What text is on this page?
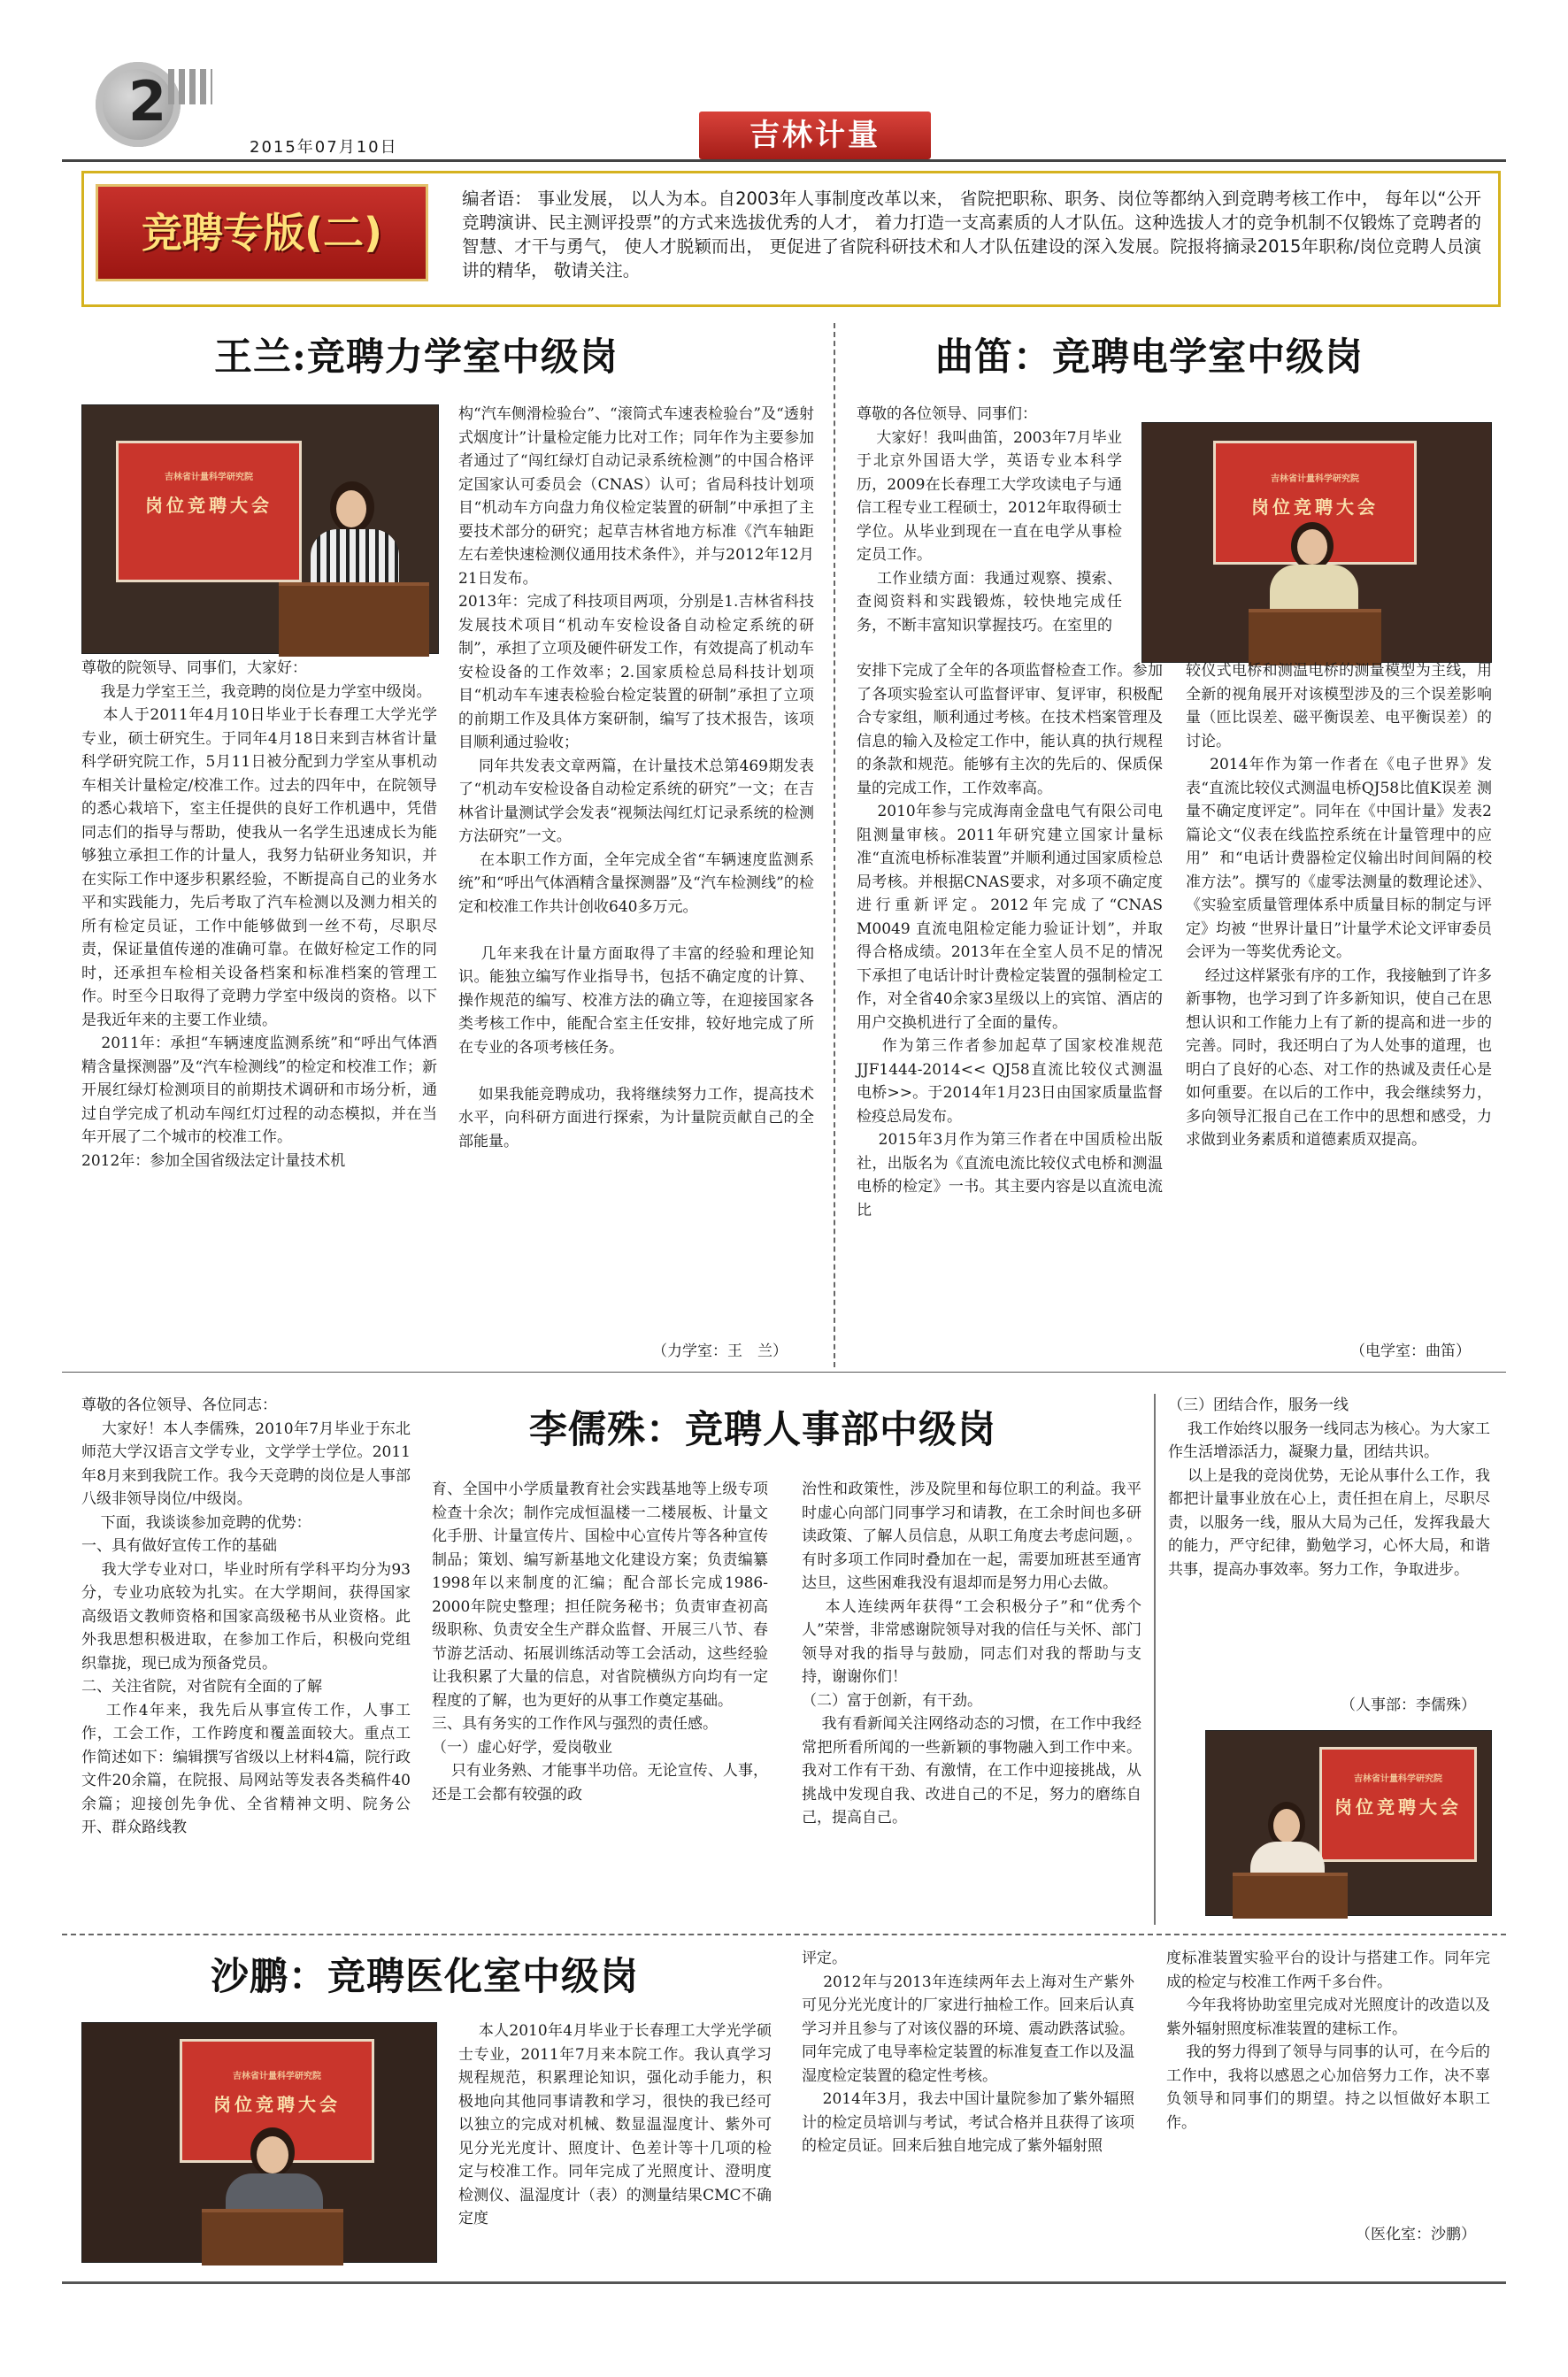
2
2015年07月10日	吉林计量
竞聘专版(二)
编者语： 事业发展， 以人为本。自2003年人事制度改革以来， 省院把职称、职务、岗位等都纳入到竞聘考核工作中， 每年以“公开竞聘演讲、民主测评投票”的方式来选拔优秀的人才， 着力打造一支高素质的人才队伍。这种选拔人才的竞争机制不仅锻炼了竞聘者的智慧、才干与勇气， 使人才脱颖而出， 更促进了省院科研技术和人才队伍建设的深入发展。院报将摘录2015年职称/岗位竞聘人员演讲的精华， 敬请关注。
王兰:竞聘力学室中级岗
吉林省计量科学研究院
岗位竞聘大会
尊敬的院领导、同事们，大家好：
我是力学室王兰，我竞聘的岗位是力学室中级岗。
本人于2011年4月10日毕业于长春理工大学光学专业，硕士研究生。于同年4月18日来到吉林省计量科学研究院工作，5月11日被分配到力学室从事机动车相关计量检定/校准工作。过去的四年中，在院领导的悉心栽培下，室主任提供的良好工作机遇中，凭借同志们的指导与帮助，使我从一名学生迅速成长为能够独立承担工作的计量人，我努力钻研业务知识，并在实际工作中逐步积累经验，不断提高自己的业务水平和实践能力，先后考取了汽车检测以及测力相关的所有检定员证，工作中能够做到一丝不苟，尽职尽责，保证量值传递的准确可靠。在做好检定工作的同时，还承担车检相关设备档案和标准档案的管理工作。时至今日取得了竞聘力学室中级岗的资格。以下是我近年来的主要工作业绩。
2011年：承担“车辆速度监测系统”和“呼出气体酒精含量探测器”及“汽车检测线”的检定和校准工作；新开展红绿灯检测项目的前期技术调研和市场分析，通过自学完成了机动车闯红灯过程的动态模拟，并在当年开展了二个城市的校准工作。
2012年：参加全国省级法定计量技术机
构“汽车侧滑检验台”、“滚筒式车速表检验台”及“透射式烟度计”计量检定能力比对工作；同年作为主要参加者通过了“闯红绿灯自动记录系统检测”的中国合格评定国家认可委员会（CNAS）认可；省局科技计划项目“机动车方向盘力角仪检定装置的研制”中承担了主要技术部分的研究；起草吉林省地方标准《汽车轴距左右差快速检测仪通用技术条件》，并与2012年12月21日发布。
2013年：完成了科技项目两项，分别是1.吉林省科技发展技术项目“机动车安检设备自动检定系统的研制”，承担了立项及硬件研发工作，有效提高了机动车安检设备的工作效率；2.国家质检总局科技计划项目“机动车车速表检验台检定装置的研制”承担了立项的前期工作及具体方案研制，编写了技术报告，该项目顺利通过验收；
同年共发表文章两篇，在计量技术总第469期发表了“机动车安检设备自动检定系统的研究”一文；在吉林省计量测试学会发表“视频法闯红灯记录系统的检测方法研究”一文。
在本职工作方面，全年完成全省“车辆速度监测系统”和“呼出气体酒精含量探测器”及“汽车检测线”的检定和校准工作共计创收640多万元。

几年来我在计量方面取得了丰富的经验和理论知识。能独立编写作业指导书，包括不确定度的计算、操作规范的编写、校准方法的确立等，在迎接国家各类考核工作中，能配合室主任安排，较好地完成了所在专业的各项考核任务。

如果我能竞聘成功，我将继续努力工作，提高技术水平，向科研方面进行探索，为计量院贡献自己的全部能量。
（力学室：王　兰）
曲笛：竞聘电学室中级岗
尊敬的各位领导、同事们：
大家好！我叫曲笛，2003年7月毕业于北京外国语大学，英语专业本科学历，2009在长春理工大学攻读电子与通信工程专业工程硕士，2012年取得硕士学位。从毕业到现在一直在电学从事检定员工作。
工作业绩方面：我通过观察、摸索、查阅资料和实践锻炼，较快地完成任务，不断丰富知识掌握技巧。在室里的
吉林省计量科学研究院
岗位竞聘大会
安排下完成了全年的各项监督检查工作。参加了各项实验室认可监督评审、复评审，积极配合专家组，顺利通过考核。在技术档案管理及信息的输入及检定工作中，能认真的执行规程的条款和规范。能够有主次的先后的、保质保量的完成工作，工作效率高。
2010年参与完成海南金盘电气有限公司电阻测量审核。2011年研究建立国家计量标准“直流电桥标准装置”并顺利通过国家质检总局考核。并根据CNAS要求，对多项不确定度进行重新评定。2012年完成了“CNAS M0049 直流电阻检定能力验证计划”，并取得合格成绩。2013年在全室人员不足的情况下承担了电话计时计费检定装置的强制检定工作，对全省40余家3星级以上的宾馆、酒店的用户交换机进行了全面的量传。
作为第三作者参加起草了国家校准规范JJF1444-2014<< QJ58直流比较仪式测温电桥>>。于2014年1月23日由国家质量监督检疫总局发布。
2015年3月作为第三作者在中国质检出版社，出版名为《直流电流比较仪式电桥和测温电桥的检定》一书。其主要内容是以直流电流比
较仪式电桥和测温电桥的测量模型为主线，用全新的视角展开对该模型涉及的三个误差影响量（匝比误差、磁平衡误差、电平衡误差）的讨论。
2014年作为第一作者在《电子世界》发表“直流比较仪式测温电桥QJ58比值K误差 测量不确定度评定”。同年在《中国计量》发表2篇论文“仪表在线监控系统在计量管理中的应用”  和“电话计费器检定仪输出时间间隔的校准方法”。撰写的《虚零法测量的数理论述》、《实验室质量管理体系中质量目标的制定与评定》均被 “世界计量日”计量学术论文评审委员会评为一等奖优秀论文。
经过这样紧张有序的工作，我接触到了许多新事物，也学习到了许多新知识，使自己在思想认识和工作能力上有了新的提高和进一步的完善。同时，我还明白了为人处事的道理，也明白了良好的心态、对工作的热诚及责任心是如何重要。在以后的工作中，我会继续努力，多向领导汇报自己在工作中的思想和感受，力求做到业务素质和道德素质双提高。
（电学室：曲笛）
尊敬的各位领导、各位同志：
大家好！本人李儒殊，2010年7月毕业于东北师范大学汉语言文学专业，文学学士学位。2011年8月来到我院工作。我今天竞聘的岗位是人事部八级非领导岗位/中级岗。
下面，我谈谈参加竞聘的优势：
一、具有做好宣传工作的基础
我大学专业对口，毕业时所有学科平均分为93分，专业功底较为扎实。在大学期间，获得国家高级语文教师资格和国家高级秘书从业资格。此外我思想积极进取，在参加工作后，积极向党组织靠拢，现已成为预备党员。
二、关注省院，对省院有全面的了解
工作4年来，我先后从事宣传工作，人事工作，工会工作，工作跨度和覆盖面较大。重点工作简述如下：编辑撰写省级以上材料4篇，院行政文件20余篇，在院报、局网站等发表各类稿件40余篇；迎接创先争优、全省精神文明、院务公开、群众路线教
李儒殊：竞聘人事部中级岗
育、全国中小学质量教育社会实践基地等上级专项检查十余次；制作完成恒温楼一二楼展板、计量文化手册、计量宣传片、国检中心宣传片等各种宣传制品；策划、编写新基地文化建设方案；负责编纂1998年以来制度的汇编；配合部长完成1986-2000年院史整理；担任院务秘书；负责审查初高级职称、负责安全生产群众监督、开展三八节、春节游艺活动、拓展训练活动等工会活动，这些经验让我积累了大量的信息，对省院横纵方向均有一定程度的了解，也为更好的从事工作奠定基础。
三、具有务实的工作作风与强烈的责任感。
（一）虚心好学，爱岗敬业
只有业务熟、才能事半功倍。无论宣传、人事，还是工会都有较强的政
治性和政策性，涉及院里和每位职工的利益。我平时虚心向部门同事学习和请教，在工余时间也多研读政策、了解人员信息，从职工角度去考虑问题，。有时多项工作同时叠加在一起，需要加班甚至通宵达旦，这些困难我没有退却而是努力用心去做。
本人连续两年获得“工会积极分子”和“优秀个人”荣誉，非常感谢院领导对我的信任与关怀、部门领导对我的指导与鼓励，同志们对我的帮助与支持，谢谢你们！
（二）富于创新，有干劲。
我有看新闻关注网络动态的习惯，在工作中我经常把所看所闻的一些新颖的事物融入到工作中来。我对工作有干劲、有激情，在工作中迎接挑战，从挑战中发现自我、改进自己的不足，努力的磨练自己，提高自己。
（三）团结合作，服务一线
我工作始终以服务一线同志为核心。为大家工作生活增添活力，凝聚力量，团结共识。
以上是我的竞岗优势，无论从事什么工作，我都把计量事业放在心上，责任担在肩上，尽职尽责，以服务一线，服从大局为己任，发挥我最大的能力，严守纪律，勤勉学习，心怀大局，和谐共事，提高办事效率。努力工作，争取进步。
（人事部：李儒殊）
吉林省计量科学研究院
岗位竞聘大会
沙鹏：竞聘医化室中级岗
吉林省计量科学研究院
岗位竞聘大会
本人2010年4月毕业于长春理工大学光学硕士专业，2011年7月来本院工作。我认真学习规程规范，积累理论知识，强化动手能力，积极地向其他同事请教和学习，很快的我已经可以独立的完成对机械、数显温湿度计、紫外可见分光光度计、照度计、色差计等十几项的检定与校准工作。同年完成了光照度计、澄明度检测仪、温湿度计（表）的测量结果CMC不确定度
评定。
2012年与2013年连续两年去上海对生产紫外可见分光光度计的厂家进行抽检工作。回来后认真学习并且参与了对该仪器的环境、震动跌落试验。同年完成了电导率检定装置的标准复查工作以及温湿度检定装置的稳定性考核。
2014年3月，我去中国计量院参加了紫外辐照计的检定员培训与考试，考试合格并且获得了该项的检定员证。回来后独自地完成了紫外辐射照
度标准装置实验平台的设计与搭建工作。同年完成的检定与校准工作两千多台件。
今年我将协助室里完成对光照度计的改造以及紫外辐射照度标准装置的建标工作。
我的努力得到了领导与同事的认可，在今后的工作中，我将以感恩之心加倍努力工作，决不辜负领导和同事们的期望。持之以恒做好本职工作。
（医化室：沙鹏）
